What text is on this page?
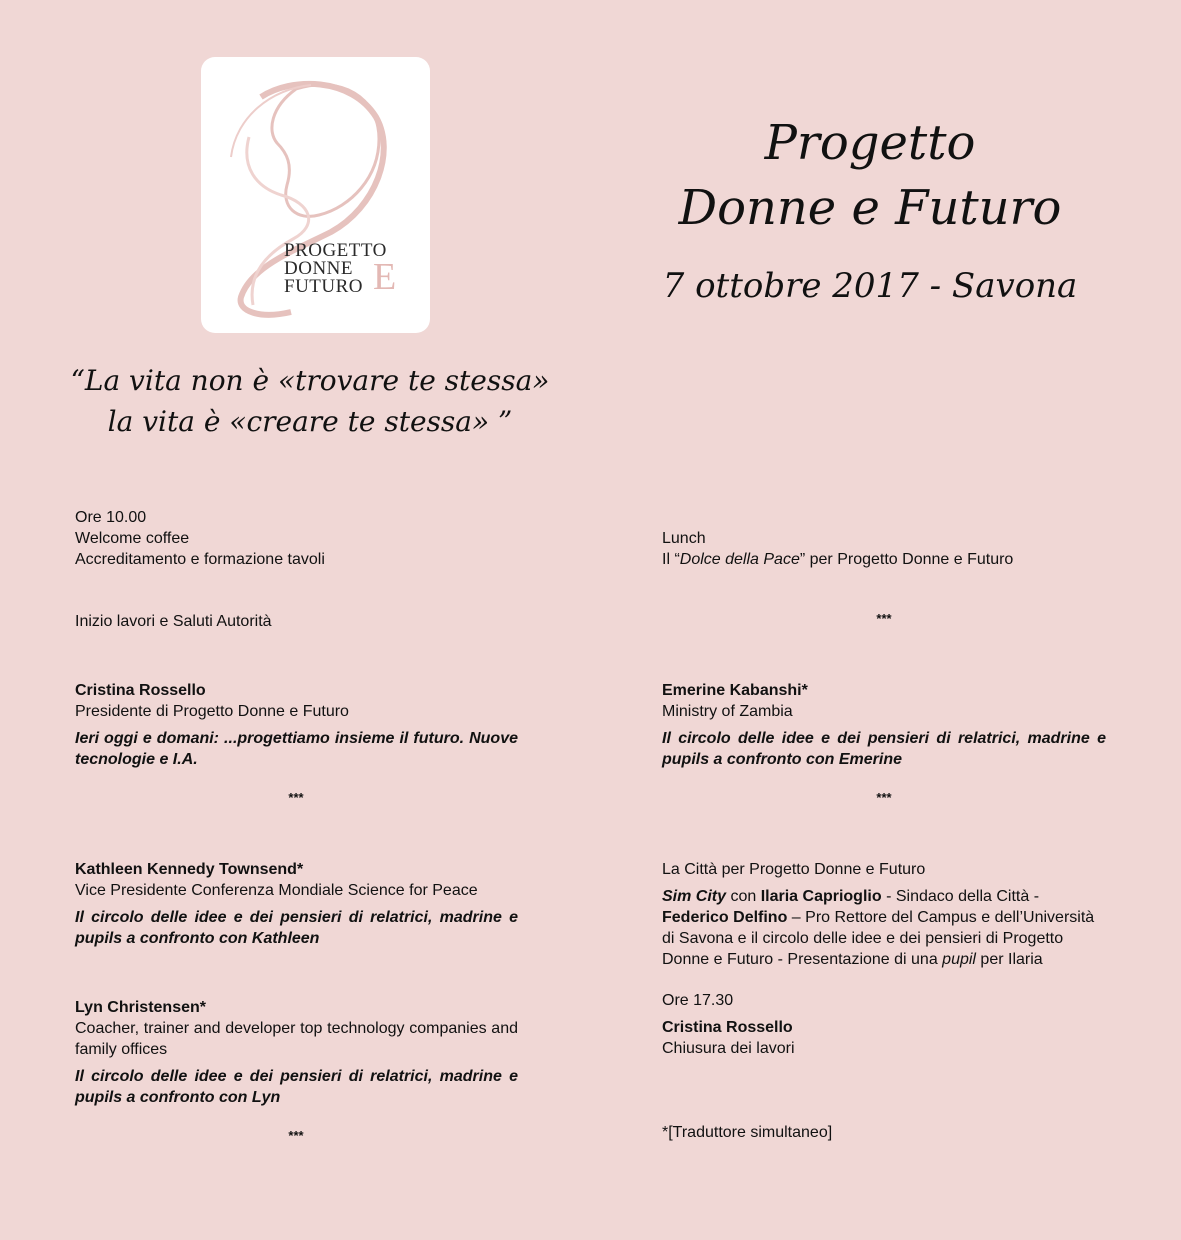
PROGETTO
DONNE
FUTURO E
Progetto
Donne e Futuro
7 ottobre 2017 - Savona
“La vita non è «trovare te stessa»
la vita è «creare te stessa» ”
Ore 10.00
Welcome coffee
Accreditamento e formazione tavoli
Inizio lavori e Saluti Autorità
Cristina Rossello
Presidente di Progetto Donne e Futuro
Ieri oggi e domani: ...progettiamo insieme il futuro. Nuove tecnologie e I.A.
***
Kathleen Kennedy Townsend*
Vice Presidente Conferenza Mondiale Science for Peace
Il circolo delle idee e dei pensieri di relatrici, madrine e pupils a confronto con Kathleen
Lyn Christensen*
Coacher, trainer and developer top technology companies and family offices
Il circolo delle idee e dei pensieri di relatrici, madrine e pupils a confronto con Lyn
***
Lunch
Il “Dolce della Pace” per Progetto Donne e Futuro
***
Emerine Kabanshi*
Ministry of Zambia
Il circolo delle idee e dei pensieri di relatrici, madrine e pupils a confronto con Emerine
***
La Città per Progetto Donne e Futuro
Sim City con Ilaria Caprioglio - Sindaco della Città - Federico Delfino – Pro Rettore del Campus e dell’Università di Savona e il circolo delle idee e dei pensieri di Progetto Donne e Futuro - Presentazione di una pupil per Ilaria
Ore 17.30
Cristina Rossello
Chiusura dei lavori
*[Traduttore simultaneo]
